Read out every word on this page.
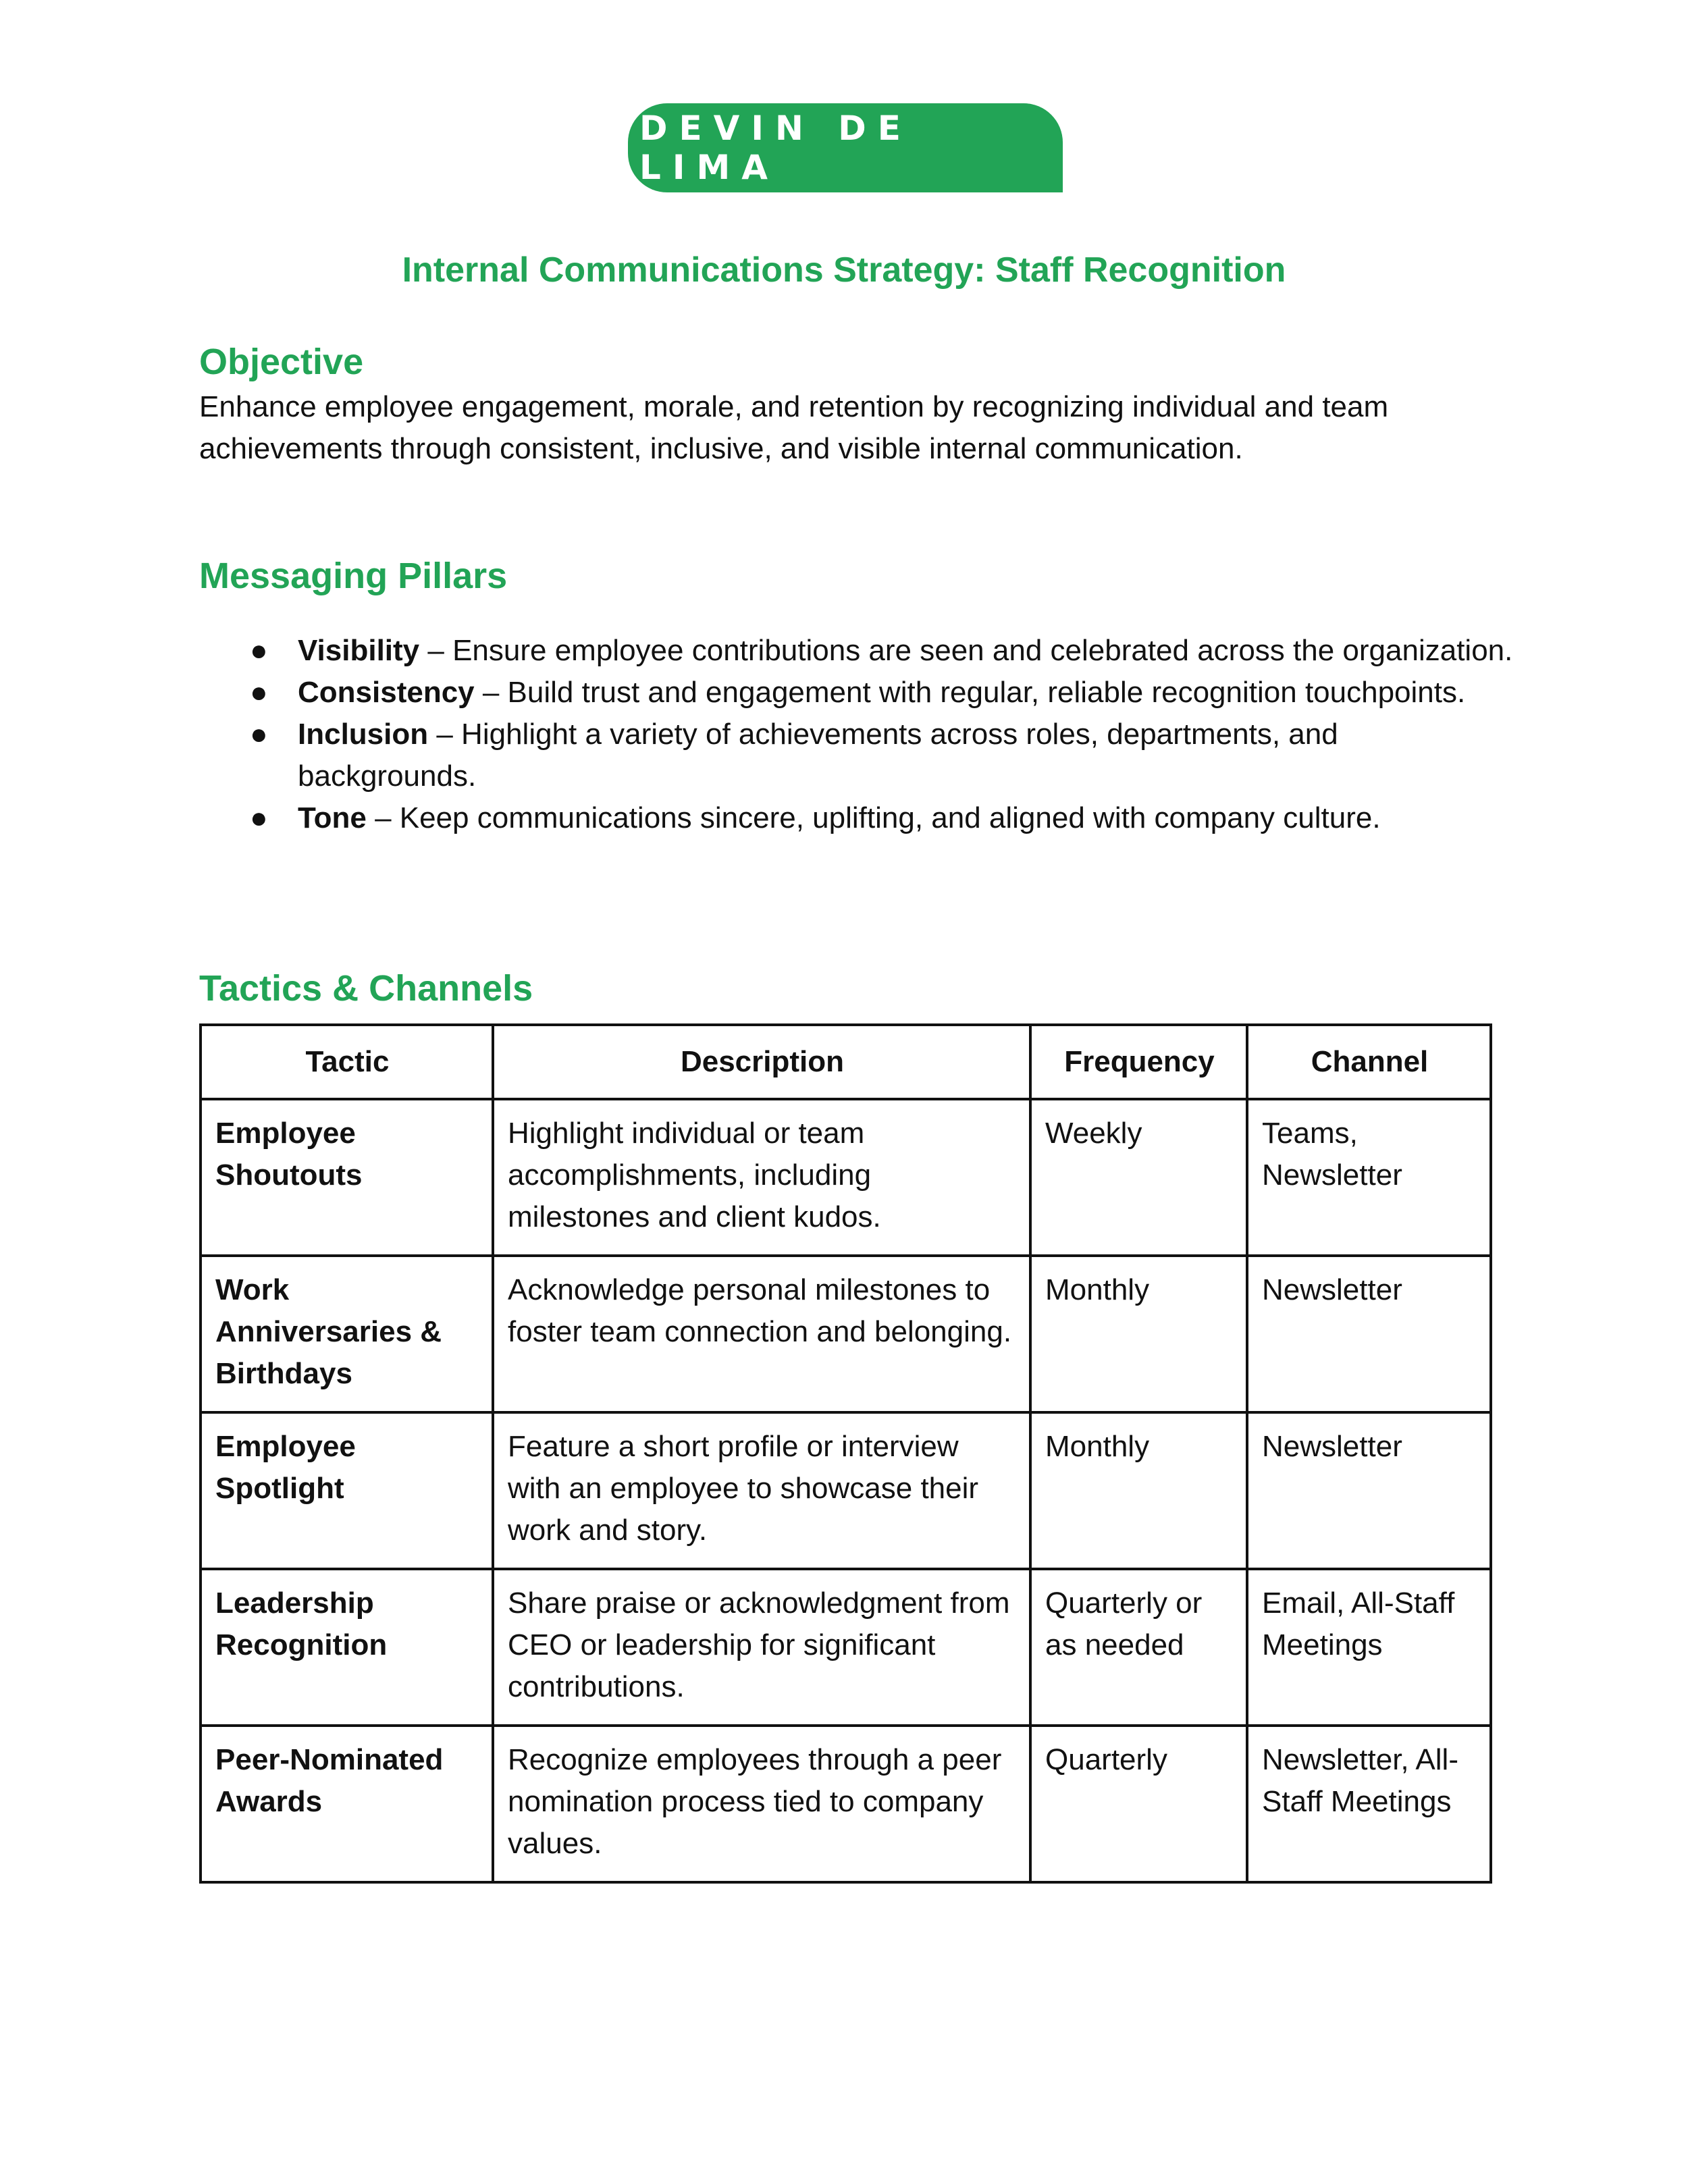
DEVIN DE LIMA
Internal Communications Strategy: Staff Recognition
Objective
Enhance employee engagement, morale, and retention by recognizing individual and team achievements through consistent, inclusive, and visible internal communication.
Messaging Pillars
● Visibility – Ensure employee contributions are seen and celebrated across the organization.
● Consistency – Build trust and engagement with regular, reliable recognition touchpoints.
● Inclusion – Highlight a variety of achievements across roles, departments, and backgrounds.
● Tone – Keep communications sincere, uplifting, and aligned with company culture.
Tactics & Channels
Tactic	Description	Frequency	Channel
Employee Shoutouts	Highlight individual or team accomplishments, including milestones and client kudos.	Weekly	Teams, Newsletter
Work Anniversaries & Birthdays	Acknowledge personal milestones to foster team connection and belonging.	Monthly	Newsletter
Employee Spotlight	Feature a short profile or interview with an employee to showcase their work and story.	Monthly	Newsletter
Leadership Recognition	Share praise or acknowledgment from CEO or leadership for significant contributions.	Quarterly or as needed	Email, All-Staff Meetings
Peer-Nominated Awards	Recognize employees through a peer nomination process tied to company values.	Quarterly	Newsletter, All-Staff Meetings
